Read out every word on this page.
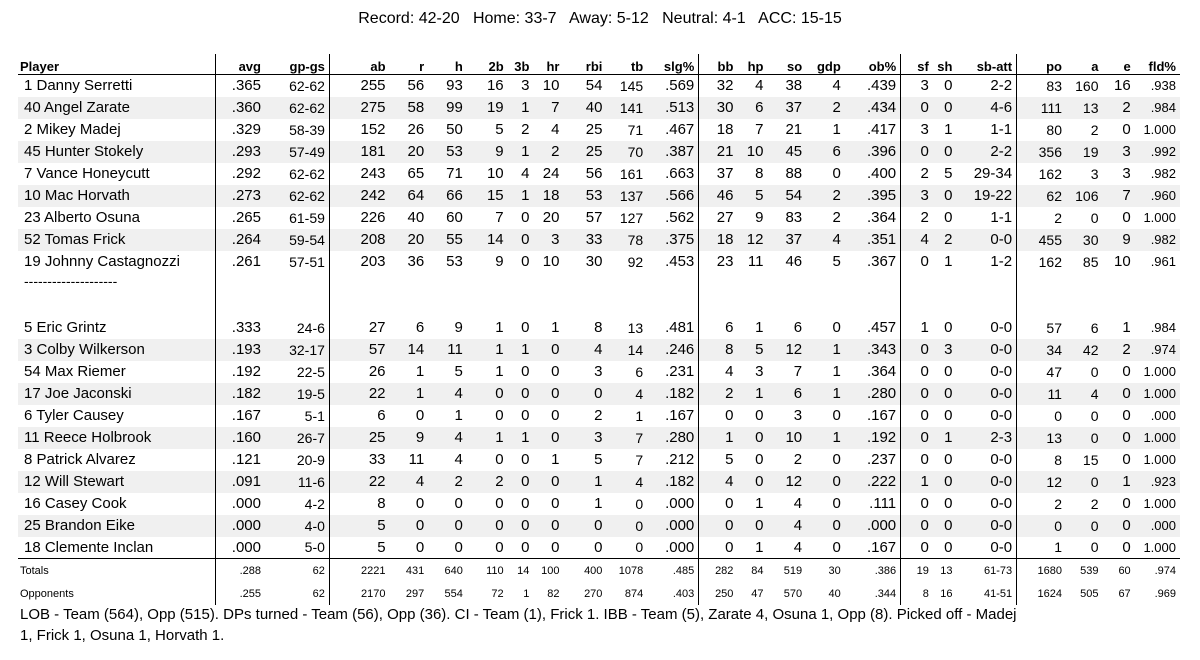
Record: 42-20   Home: 33-7   Away: 5-12   Neutral: 4-1   ACC: 15-15
Player	avg	gp-gs	ab	r	h	2b	3b	hr	rbi	tb	slg%	bb	hp	so	gdp	ob%	sf	sh	sb-att	po	a	e	fld%
1 Danny Serretti	.365	62-62	255	56	93	16	3	10	54	145	.569	32	4	38	4	.439	3	0	2-2	83	160	16	.938
40 Angel Zarate	.360	62-62	275	58	99	19	1	7	40	141	.513	30	6	37	2	.434	0	0	4-6	111	13	2	.984
2 Mikey Madej	.329	58-39	152	26	50	5	2	4	25	71	.467	18	7	21	1	.417	3	1	1-1	80	2	0	1.000
45 Hunter Stokely	.293	57-49	181	20	53	9	1	2	25	70	.387	21	10	45	6	.396	0	0	2-2	356	19	3	.992
7 Vance Honeycutt	.292	62-62	243	65	71	10	4	24	56	161	.663	37	8	88	0	.400	2	5	29-34	162	3	3	.982
10 Mac Horvath	.273	62-62	242	64	66	15	1	18	53	137	.566	46	5	54	2	.395	3	0	19-22	62	106	7	.960
23 Alberto Osuna	.265	61-59	226	40	60	7	0	20	57	127	.562	27	9	83	2	.364	2	0	1-1	2	0	0	1.000
52 Tomas Frick	.264	59-54	208	20	55	14	0	3	33	78	.375	18	12	37	4	.351	4	2	0-0	455	30	9	.982
19 Johnny Castagnozzi	.261	57-51	203	36	53	9	0	10	30	92	.453	23	11	46	5	.367	0	1	1-2	162	85	10	.961
--------------------																							

5 Eric Grintz	.333	24-6	27	6	9	1	0	1	8	13	.481	6	1	6	0	.457	1	0	0-0	57	6	1	.984
3 Colby Wilkerson	.193	32-17	57	14	11	1	1	0	4	14	.246	8	5	12	1	.343	0	3	0-0	34	42	2	.974
54 Max Riemer	.192	22-5	26	1	5	1	0	0	3	6	.231	4	3	7	1	.364	0	0	0-0	47	0	0	1.000
17 Joe Jaconski	.182	19-5	22	1	4	0	0	0	0	4	.182	2	1	6	1	.280	0	0	0-0	11	4	0	1.000
6 Tyler Causey	.167	5-1	6	0	1	0	0	0	2	1	.167	0	0	3	0	.167	0	0	0-0	0	0	0	.000
11 Reece Holbrook	.160	26-7	25	9	4	1	1	0	3	7	.280	1	0	10	1	.192	0	1	2-3	13	0	0	1.000
8 Patrick Alvarez	.121	20-9	33	11	4	0	0	1	5	7	.212	5	0	2	0	.237	0	0	0-0	8	15	0	1.000
12 Will Stewart	.091	11-6	22	4	2	2	0	0	1	4	.182	4	0	12	0	.222	1	0	0-0	12	0	1	.923
16 Casey Cook	.000	4-2	8	0	0	0	0	0	1	0	.000	0	1	4	0	.111	0	0	0-0	2	2	0	1.000
25 Brandon Eike	.000	4-0	5	0	0	0	0	0	0	0	.000	0	0	4	0	.000	0	0	0-0	0	0	0	.000
18 Clemente Inclan	.000	5-0	5	0	0	0	0	0	0	0	.000	0	1	4	0	.167	0	0	0-0	1	0	0	1.000
Totals	.288	62	2221	431	640	110	14	100	400	1078	.485	282	84	519	30	.386	19	13	61-73	1680	539	60	.974
Opponents	.255	62	2170	297	554	72	1	82	270	874	.403	250	47	570	40	.344	8	16	41-51	1624	505	67	.969
LOB - Team (564), Opp (515). DPs turned - Team (56), Opp (36). CI - Team (1), Frick 1. IBB - Team (5), Zarate 4, Osuna 1, Opp (8). Picked off - Madej 1, Frick 1, Osuna 1, Horvath 1.
